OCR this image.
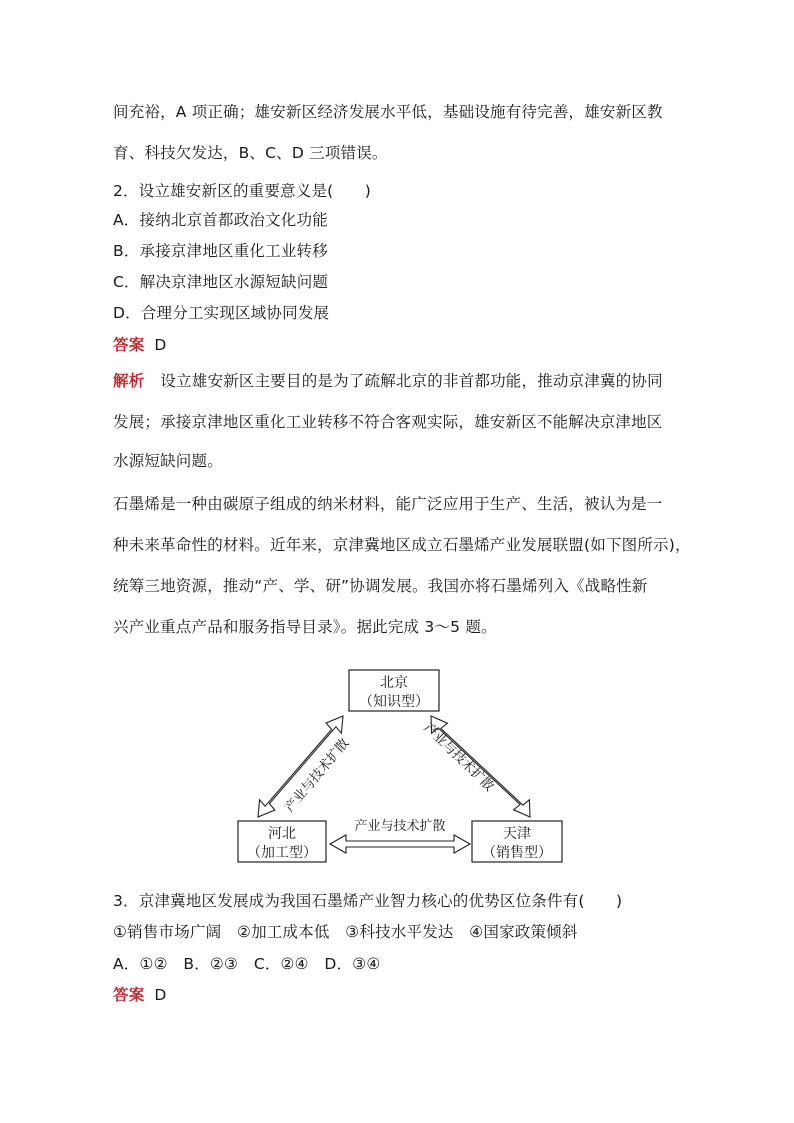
间充裕，A 项正确；雄安新区经济发展水平低，基础设施有待完善，雄安新区教
育、科技欠发达，B、C、D 三项错误。
2．设立雄安新区的重要意义是(　　)
A．接纳北京首都政治文化功能
B．承接京津地区重化工业转移
C．解决京津地区水源短缺问题
D．合理分工实现区域协同发展
答案 D
解析 设立雄安新区主要目的是为了疏解北京的非首都功能，推动京津冀的协同
发展；承接京津地区重化工业转移不符合客观实际，雄安新区不能解决京津地区
水源短缺问题。
石墨烯是一种由碳原子组成的纳米材料，能广泛应用于生产、生活，被认为是一
种未来革命性的材料。近年来，京津冀地区成立石墨烯产业发展联盟(如下图所示)，
统筹三地资源，推动“产、学、研”协调发展。我国亦将石墨烯列入《战略性新
兴产业重点产品和服务指导目录》。据此完成 3～5 题。
北京
（知识型）
河北
（加工型）
天津
（销售型）
产业与技术扩散	产业与技术扩散
产业与技术扩散
3．京津冀地区发展成为我国石墨烯产业智力核心的优势区位条件有(　　)
①销售市场广阔　②加工成本低　③科技水平发达　④国家政策倾斜
A．①②　B．②③　C．②④　D．③④
答案 D
